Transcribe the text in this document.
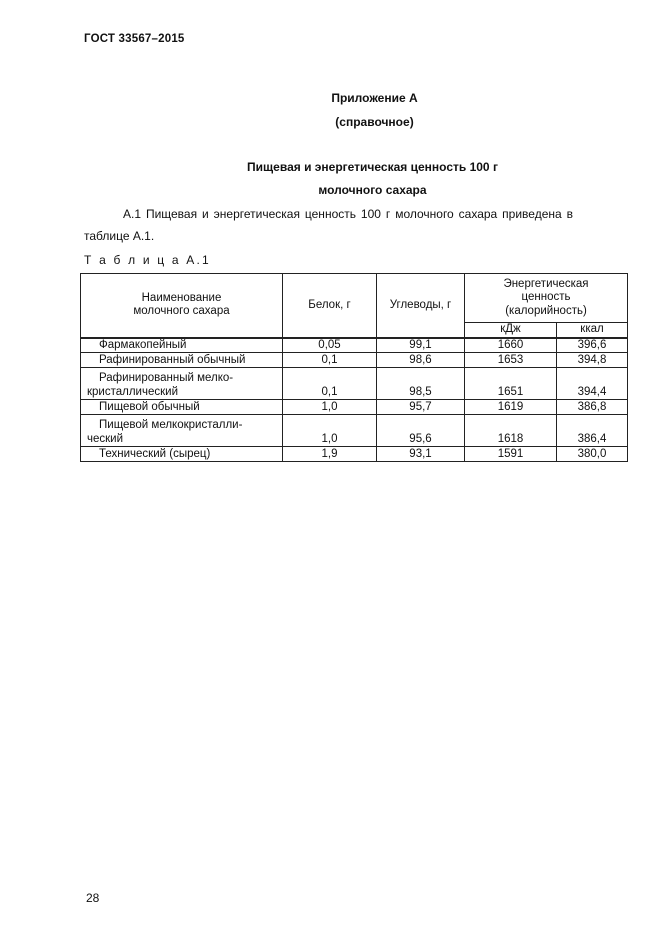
ГОСТ 33567–2015
Приложение А
(справочное)
Пищевая и энергетическая ценность 100 г
молочного сахара
А.1 Пищевая и энергетическая ценность 100 г молочного сахара приведена в
таблице А.1.
Т а б л и ц а А.1
Наименование молочного сахара	Белок, г	Углеводы, г	Энергетическая ценность (калорийность)	

			кДж	ккал
Фармакопейный	0,05	99,1	1660	396,6
Рафинированный обычный	0,1	98,6	1653	394,8

Рафинированный мелко-
кристаллический	0,1	98,5	1651	394,4
Пищевой обычный	1,0	95,7	1619	386,8

Пищевой мелкокристалли-
ческий	1,0	95,6	1618	386,4
Технический (сырец)	1,9	93,1	1591	380,0
28
